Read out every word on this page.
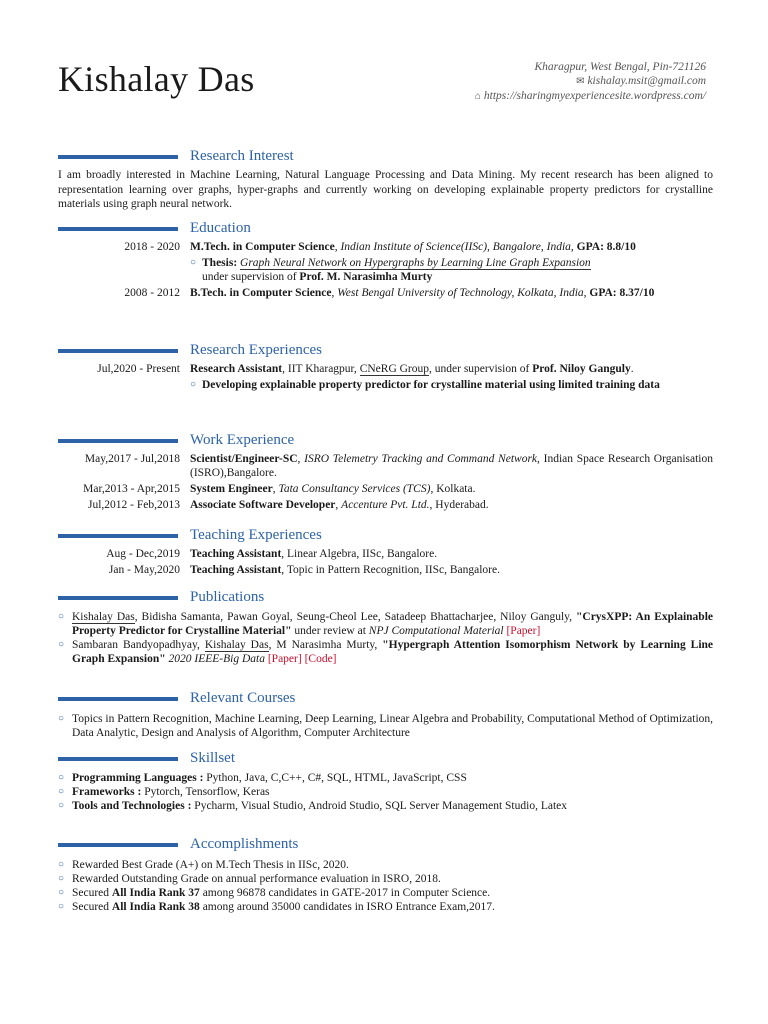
Kishalay Das	Kharagpur, West Bengal, Pin-721126
✉ kishalay.msit@gmail.com
⌂ https://sharingmyexperiencesite.wordpress.com/
Research Interest
I am broadly interested in Machine Learning, Natural Language Processing and Data Mining. My recent research has been aligned to representation learning over graphs, hyper-graphs and currently working on developing explainable property predictors for crystalline materials using graph neural network.
Education
2018 - 2020 M.Tech. in Computer Science, Indian Institute of Science(IISc), Bangalore, India, GPA: 8.8/10
○ Thesis: Graph Neural Network on Hypergraphs by Learning Line Graph Expansion
under supervision of Prof. M. Narasimha Murty
2008 - 2012 B.Tech. in Computer Science, West Bengal University of Technology, Kolkata, India, GPA: 8.37/10
Research Experiences
Jul,2020 - Present Research Assistant, IIT Kharagpur, CNeRG Group, under supervision of Prof. Niloy Ganguly.
○ Developing explainable property predictor for crystalline material using limited training data
Work Experience
May,2017 - Jul,2018 Scientist/Engineer-SC, ISRO Telemetry Tracking and Command Network, Indian Space Research Organisation (ISRO),Bangalore.
Mar,2013 - Apr,2015 System Engineer, Tata Consultancy Services (TCS), Kolkata.
Jul,2012 - Feb,2013 Associate Software Developer, Accenture Pvt. Ltd., Hyderabad.
Teaching Experiences
Aug - Dec,2019 Teaching Assistant, Linear Algebra, IISc, Bangalore.
Jan - May,2020 Teaching Assistant, Topic in Pattern Recognition, IISc, Bangalore.
Publications
○ Kishalay Das, Bidisha Samanta, Pawan Goyal, Seung-Cheol Lee, Satadeep Bhattacharjee, Niloy Ganguly, "CrysXPP: An Explainable Property Predictor for Crystalline Material" under review at NPJ Computational Material [Paper]
○ Sambaran Bandyopadhyay, Kishalay Das, M Narasimha Murty, "Hypergraph Attention Isomorphism Network by Learning Line Graph Expansion" 2020 IEEE-Big Data [Paper] [Code]
Relevant Courses
○ Topics in Pattern Recognition, Machine Learning, Deep Learning, Linear Algebra and Probability, Computational Method of Optimization, Data Analytic, Design and Analysis of Algorithm, Computer Architecture
Skillset
○ Programming Languages : Python, Java, C,C++, C#, SQL, HTML, JavaScript, CSS
○ Frameworks : Pytorch, Tensorflow, Keras
○ Tools and Technologies : Pycharm, Visual Studio, Android Studio, SQL Server Management Studio, Latex
Accomplishments
○ Rewarded Best Grade (A+) on M.Tech Thesis in IISc, 2020.
○ Rewarded Outstanding Grade on annual performance evaluation in ISRO, 2018.
○ Secured All India Rank 37 among 96878 candidates in GATE-2017 in Computer Science.
○ Secured All India Rank 38 among around 35000 candidates in ISRO Entrance Exam,2017.
